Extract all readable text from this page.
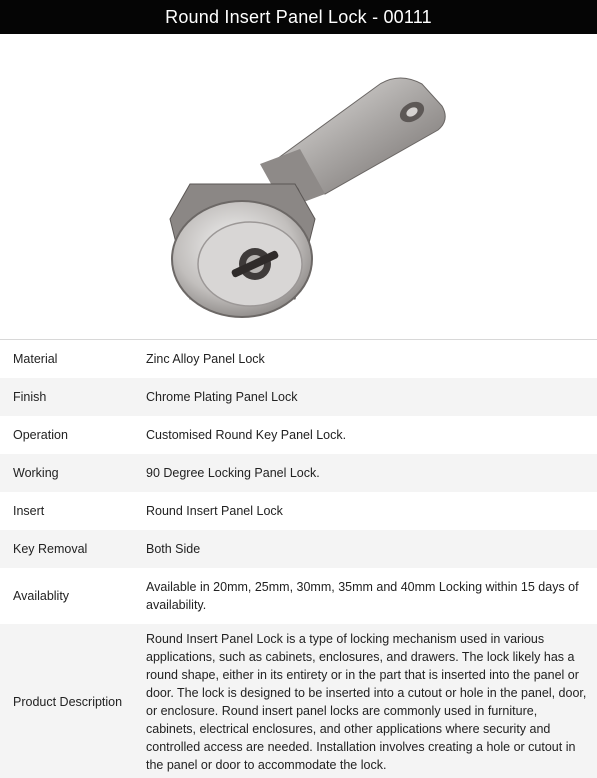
Round Insert Panel Lock - 00111
Material	Zinc Alloy Panel Lock
Finish	Chrome Plating Panel Lock
Operation	Customised Round Key Panel Lock.
Working	90 Degree Locking Panel Lock.
Insert	Round Insert Panel Lock
Key Removal	Both Side
Availablity	Available in 20mm, 25mm, 30mm, 35mm and 40mm Locking within 15 days of availability.
Product Description	Round Insert Panel Lock is a type of locking mechanism used in various applications, such as cabinets, enclosures, and drawers. The lock likely has a round shape, either in its entirety or in the part that is inserted into the panel or door. The lock is designed to be inserted into a cutout or hole in the panel, door, or enclosure. Round insert panel locks are commonly used in furniture, cabinets, electrical enclosures, and other applications where security and controlled access are needed. Installation involves creating a hole or cutout in the panel or door to accommodate the lock.
